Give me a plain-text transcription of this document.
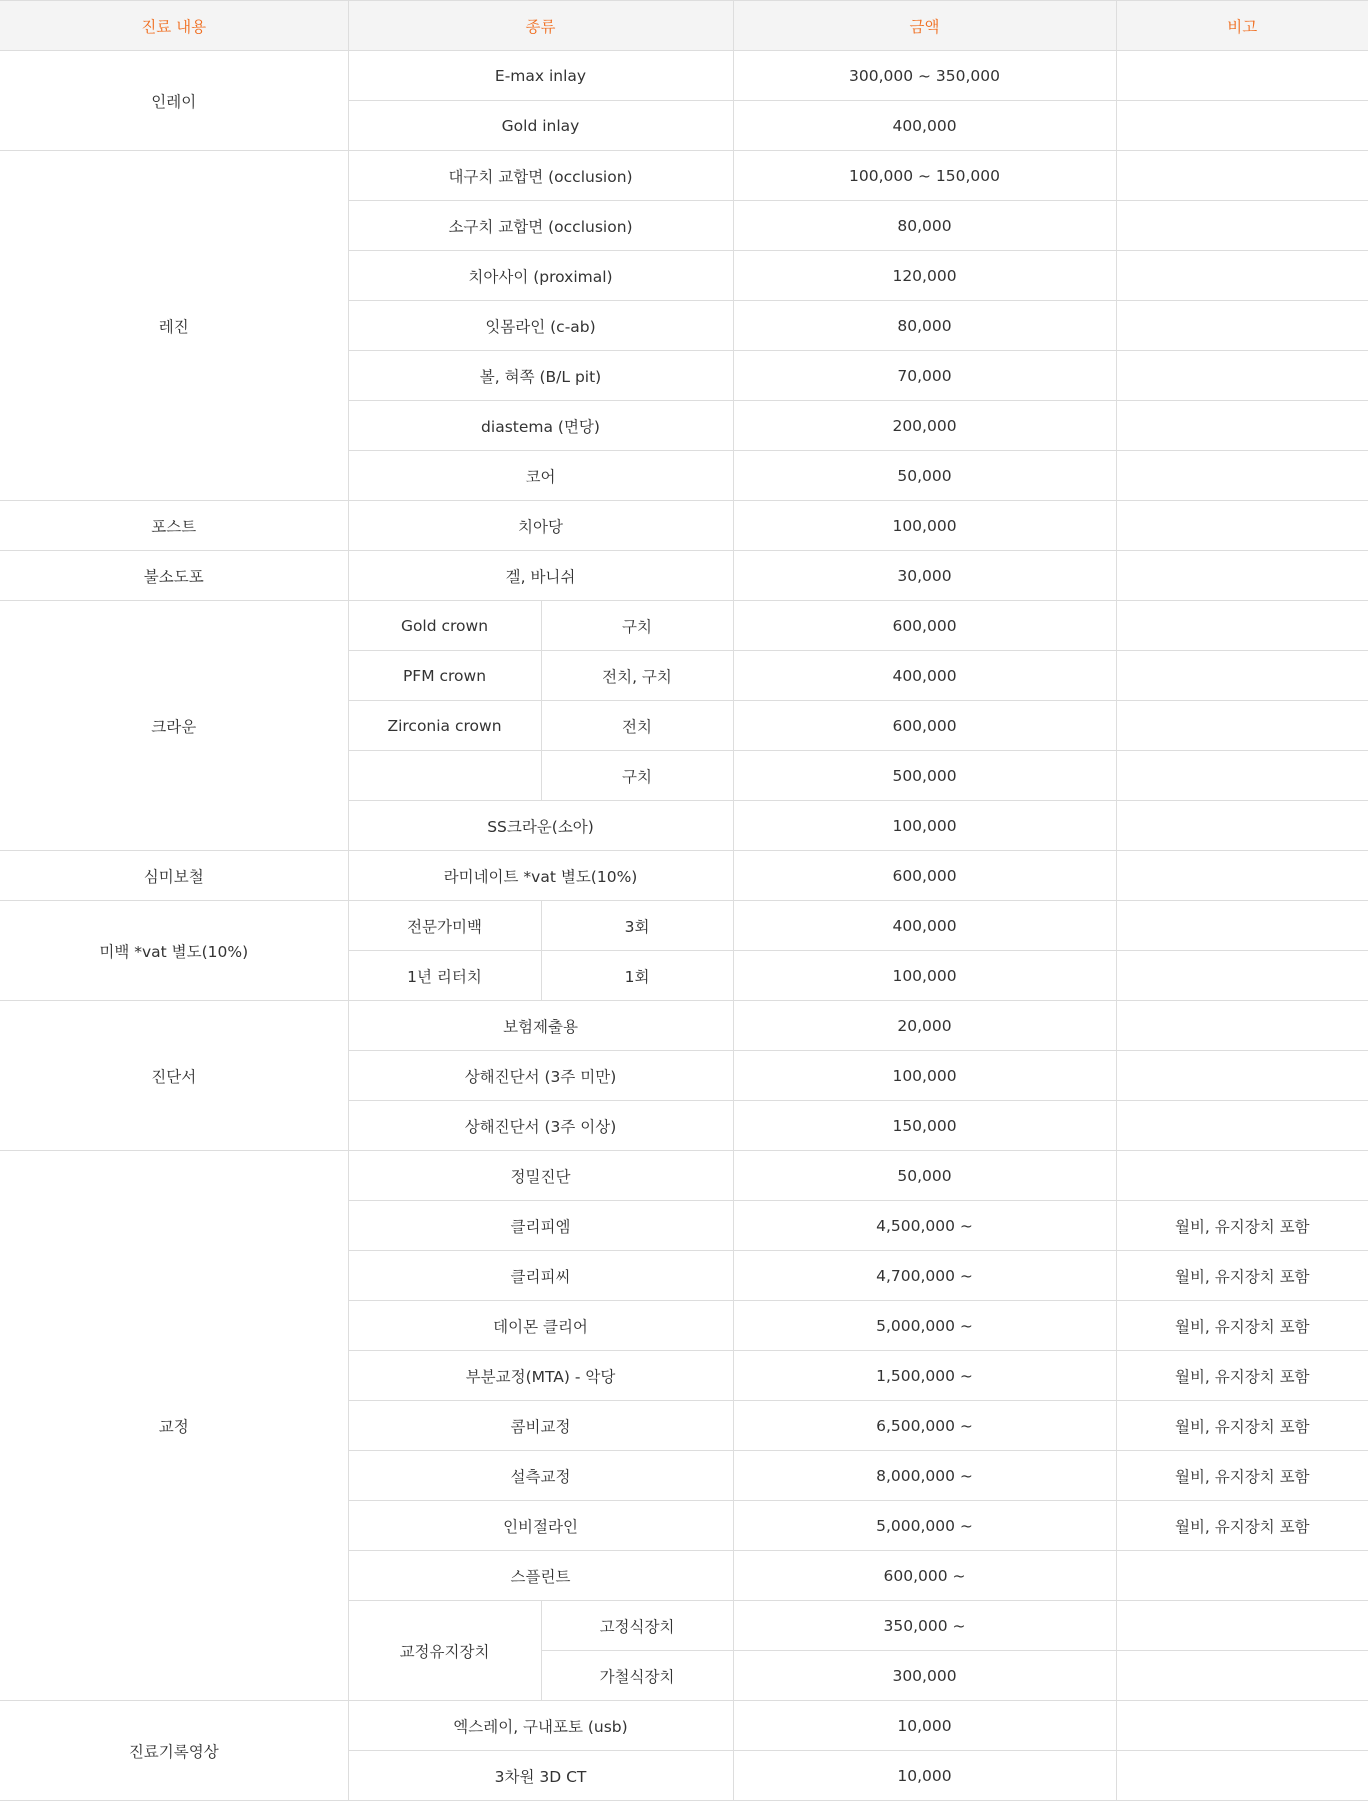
진료 내용	종류		금액	비고
인레이	E-max inlay		300,000 ~ 350,000	
	Gold inlay		400,000	
레진	대구치 교합면 (occlusion)		100,000 ~ 150,000	
	소구치 교합면 (occlusion)		80,000	
	치아사이 (proximal)		120,000	
	잇몸라인 (c-ab)		80,000	
	볼, 혀쪽 (B/L pit)		70,000	
	diastema (면당)		200,000	
	코어		50,000	
포스트	치아당		100,000	
불소도포	겔, 바니쉬		30,000	
크라운	Gold crown	구치	600,000	
	PFM crown	전치, 구치	400,000	
	Zirconia crown	전치	600,000	
		구치	500,000	
	SS크라운(소아)		100,000	
심미보철	라미네이트 *vat 별도(10%)		600,000	
미백 *vat 별도(10%)	전문가미백	3회	400,000	
	1년 리터치	1회	100,000	
진단서	보험제출용		20,000	
	상해진단서 (3주 미만)		100,000	
	상해진단서 (3주 이상)		150,000	
교정	정밀진단		50,000	
	클리피엠		4,500,000 ~	월비, 유지장치 포함
	클리피씨		4,700,000 ~	월비, 유지장치 포함
	데이몬 클리어		5,000,000 ~	월비, 유지장치 포함
	부분교정(MTA) - 악당		1,500,000 ~	월비, 유지장치 포함
	콤비교정		6,500,000 ~	월비, 유지장치 포함
	설측교정		8,000,000 ~	월비, 유지장치 포함
	인비절라인		5,000,000 ~	월비, 유지장치 포함
	스플린트		600,000 ~	
	교정유지장치	고정식장치	350,000 ~	
		가철식장치	300,000	
진료기록영상	엑스레이, 구내포토 (usb)		10,000	
	3차원 3D CT		10,000	
